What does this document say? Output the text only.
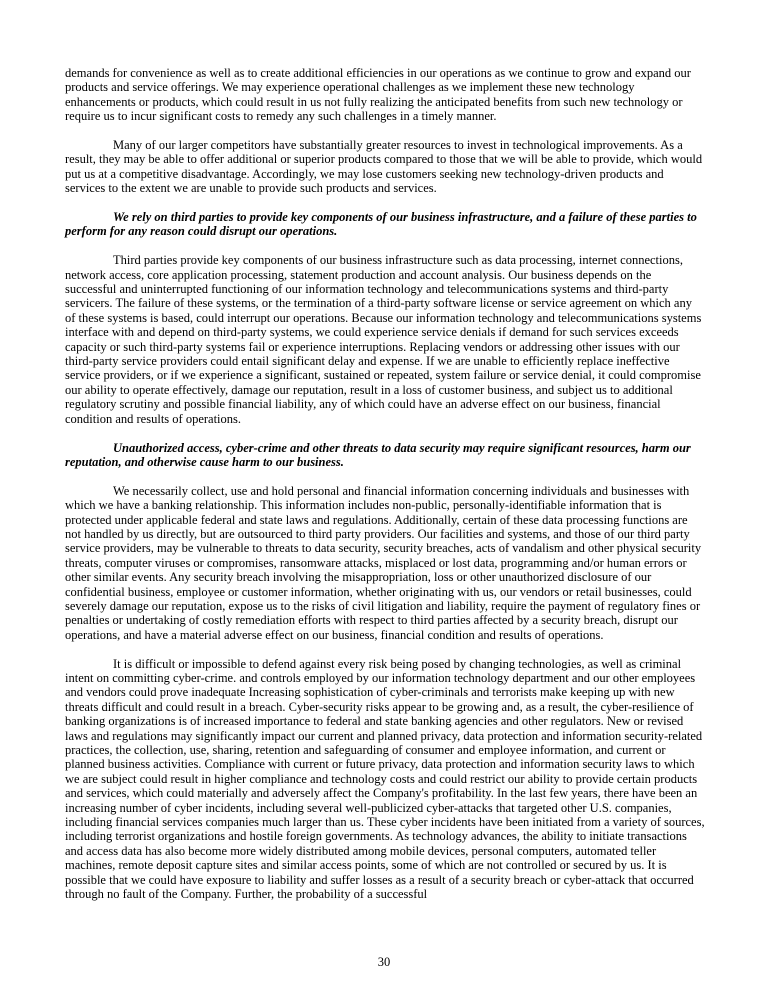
demands for convenience as well as to create additional efficiencies in our operations as we continue to grow and expand our products and service offerings. We may experience operational challenges as we implement these new technology enhancements or products, which could result in us not fully realizing the anticipated benefits from such new technology or require us to incur significant costs to remedy any such challenges in a timely manner.

Many of our larger competitors have substantially greater resources to invest in technological improvements. As a result, they may be able to offer additional or superior products compared to those that we will be able to provide, which would put us at a competitive disadvantage. Accordingly, we may lose customers seeking new technology-driven products and services to the extent we are unable to provide such products and services.

We rely on third parties to provide key components of our business infrastructure, and a failure of these parties to perform for any reason could disrupt our operations.

Third parties provide key components of our business infrastructure such as data processing, internet connections, network access, core application processing, statement production and account analysis. Our business depends on the successful and uninterrupted functioning of our information technology and telecommunications systems and third-party servicers. The failure of these systems, or the termination of a third-party software license or service agreement on which any of these systems is based, could interrupt our operations. Because our information technology and telecommunications systems interface with and depend on third-party systems, we could experience service denials if demand for such services exceeds capacity or such third-party systems fail or experience interruptions. Replacing vendors or addressing other issues with our third-party service providers could entail significant delay and expense. If we are unable to efficiently replace ineffective service providers, or if we experience a significant, sustained or repeated, system failure or service denial, it could compromise our ability to operate effectively, damage our reputation, result in a loss of customer business, and subject us to additional regulatory scrutiny and possible financial liability, any of which could have an adverse effect on our business, financial condition and results of operations.

Unauthorized access, cyber-crime and other threats to data security may require significant resources, harm our reputation, and otherwise cause harm to our business.

We necessarily collect, use and hold personal and financial information concerning individuals and businesses with which we have a banking relationship. This information includes non-public, personally-identifiable information that is protected under applicable federal and state laws and regulations. Additionally, certain of these data processing functions are not handled by us directly, but are outsourced to third party providers. Our facilities and systems, and those of our third party service providers, may be vulnerable to threats to data security, security breaches, acts of vandalism and other physical security threats, computer viruses or compromises, ransomware attacks, misplaced or lost data, programming and/or human errors or other similar events. Any security breach involving the misappropriation, loss or other unauthorized disclosure of our confidential business, employee or customer information, whether originating with us, our vendors or retail businesses, could severely damage our reputation, expose us to the risks of civil litigation and liability, require the payment of regulatory fines or penalties or undertaking of costly remediation efforts with respect to third parties affected by a security breach, disrupt our operations, and have a material adverse effect on our business, financial condition and results of operations.

It is difficult or impossible to defend against every risk being posed by changing technologies, as well as criminal intent on committing cyber-crime. and controls employed by our information technology department and our other employees and vendors could prove inadequate Increasing sophistication of cyber-criminals and terrorists make keeping up with new threats difficult and could result in a breach. Cyber-security risks appear to be growing and, as a result, the cyber-resilience of banking organizations is of increased importance to federal and state banking agencies and other regulators. New or revised laws and regulations may significantly impact our current and planned privacy, data protection and information security-related practices, the collection, use, sharing, retention and safeguarding of consumer and employee information, and current or planned business activities. Compliance with current or future privacy, data protection and information security laws to which we are subject could result in higher compliance and technology costs and could restrict our ability to provide certain products and services, which could materially and adversely affect the Company's profitability. In the last few years, there have been an increasing number of cyber incidents, including several well-publicized cyber-attacks that targeted other U.S. companies, including financial services companies much larger than us. These cyber incidents have been initiated from a variety of sources, including terrorist organizations and hostile foreign governments. As technology advances, the ability to initiate transactions and access data has also become more widely distributed among mobile devices, personal computers, automated teller machines, remote deposit capture sites and similar access points, some of which are not controlled or secured by us. It is possible that we could have exposure to liability and suffer losses as a result of a security breach or cyber-attack that occurred through no fault of the Company. Further, the probability of a successful

30
